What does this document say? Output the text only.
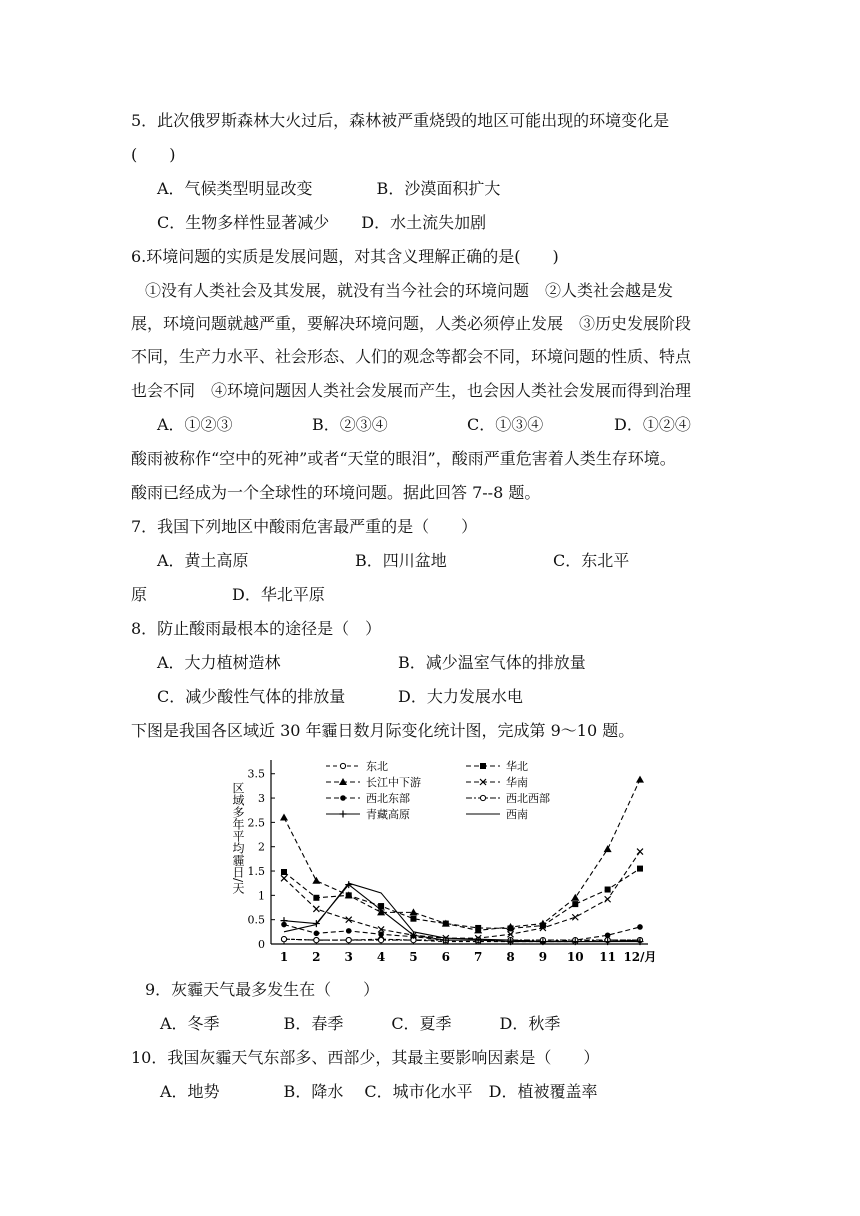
5．此次俄罗斯森林大火过后，森林被严重烧毁的地区可能出现的环境变化是
(　　)
A．气候类型明显改变　　　　B．沙漠面积扩大
C．生物多样性显著减少　　D．水土流失加剧
6.环境问题的实质是发展问题，对其含义理解正确的是(　　)
①没有人类社会及其发展，就没有当今社会的环境问题　②人类社会越是发
展，环境问题就越严重，要解决环境问题，人类必须停止发展　③历史发展阶段
不同，生产力水平、社会形态、人们的观念等都会不同，环境问题的性质、特点
也会不同　④环境问题因人类社会发展而产生，也会因人类社会发展而得到治理
A．①②③	B．②③④	C．①③④	D．①②④
酸雨被称作“空中的死神”或者“天堂的眼泪”，酸雨严重危害着人类生存环境。
酸雨已经成为一个全球性的环境问题。据此回答 7--8 题。
7．我国下列地区中酸雨危害最严重的是（　　）
A．黄土高原	B．四川盆地	C．东北平
原	D．华北平原
8．防止酸雨最根本的途径是（　）
A．大力植树造林	B．减少温室气体的排放量
C．减少酸性气体的排放量	D．大力发展水电
下图是我国各区域近 30 年霾日数月际变化统计图，完成第 9～10 题。
0
0.5
1
1.5
2
2.5
3
3.5
1 2 3 4 5 6 7 8 9 10 11 12/月
区域多年平均霾日/天
东北	华北
长江中下游	华南
西北东部	西北西部
青藏高原	西南
9．灰霾天气最多发生在（　　）
A．冬季　　　　B．春季　　　C．夏季　　　D．秋季
10．我国灰霾天气东部多、西部少，其最主要影响因素是（　　）
A．地势　　　　B．降水　 C．城市化水平　D．植被覆盖率
